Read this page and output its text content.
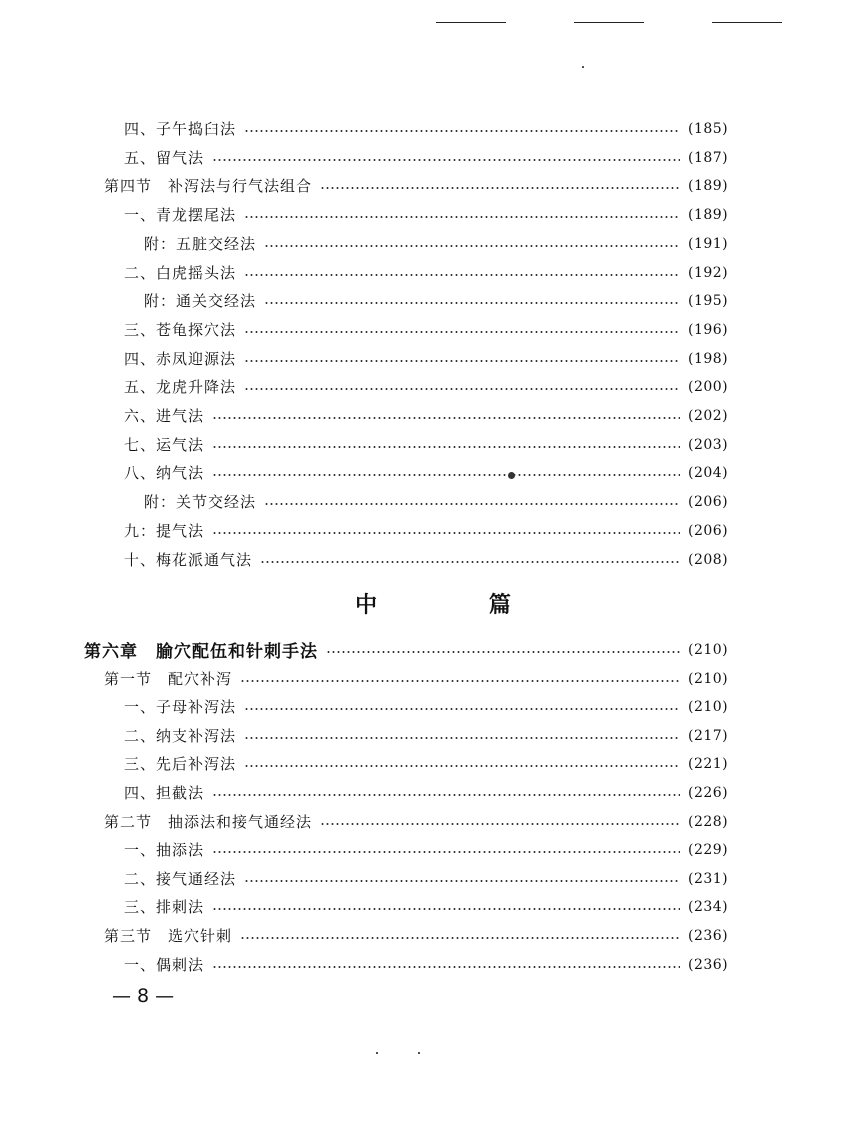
四、子午捣臼法	(185)
五、留气法	(187)
第四节　补泻法与行气法组合	(189)
一、青龙摆尾法	(189)
附：五脏交经法	(191)
二、白虎摇头法	(192)
附：通关交经法	(195)
三、苍龟探穴法	(196)
四、赤凤迎源法	(198)
五、龙虎升降法	(200)
六、进气法	(202)
七、运气法	(203)
八、纳气法	(204)
附：关节交经法	(206)
九：提气法	(206)
十、梅花派通气法	(208)
第六章　腧穴配伍和针刺手法	(210)
第一节　配穴补泻	(210)
一、子母补泻法	(210)
二、纳支补泻法	(217)
三、先后补泻法	(221)
四、担截法	(226)
第二节　抽添法和接气通经法	(228)
一、抽添法	(229)
二、接气通经法	(231)
三、排刺法	(234)
第三节　选穴针刺	(236)
一、偶刺法	(236)
中 篇
— 8 —
